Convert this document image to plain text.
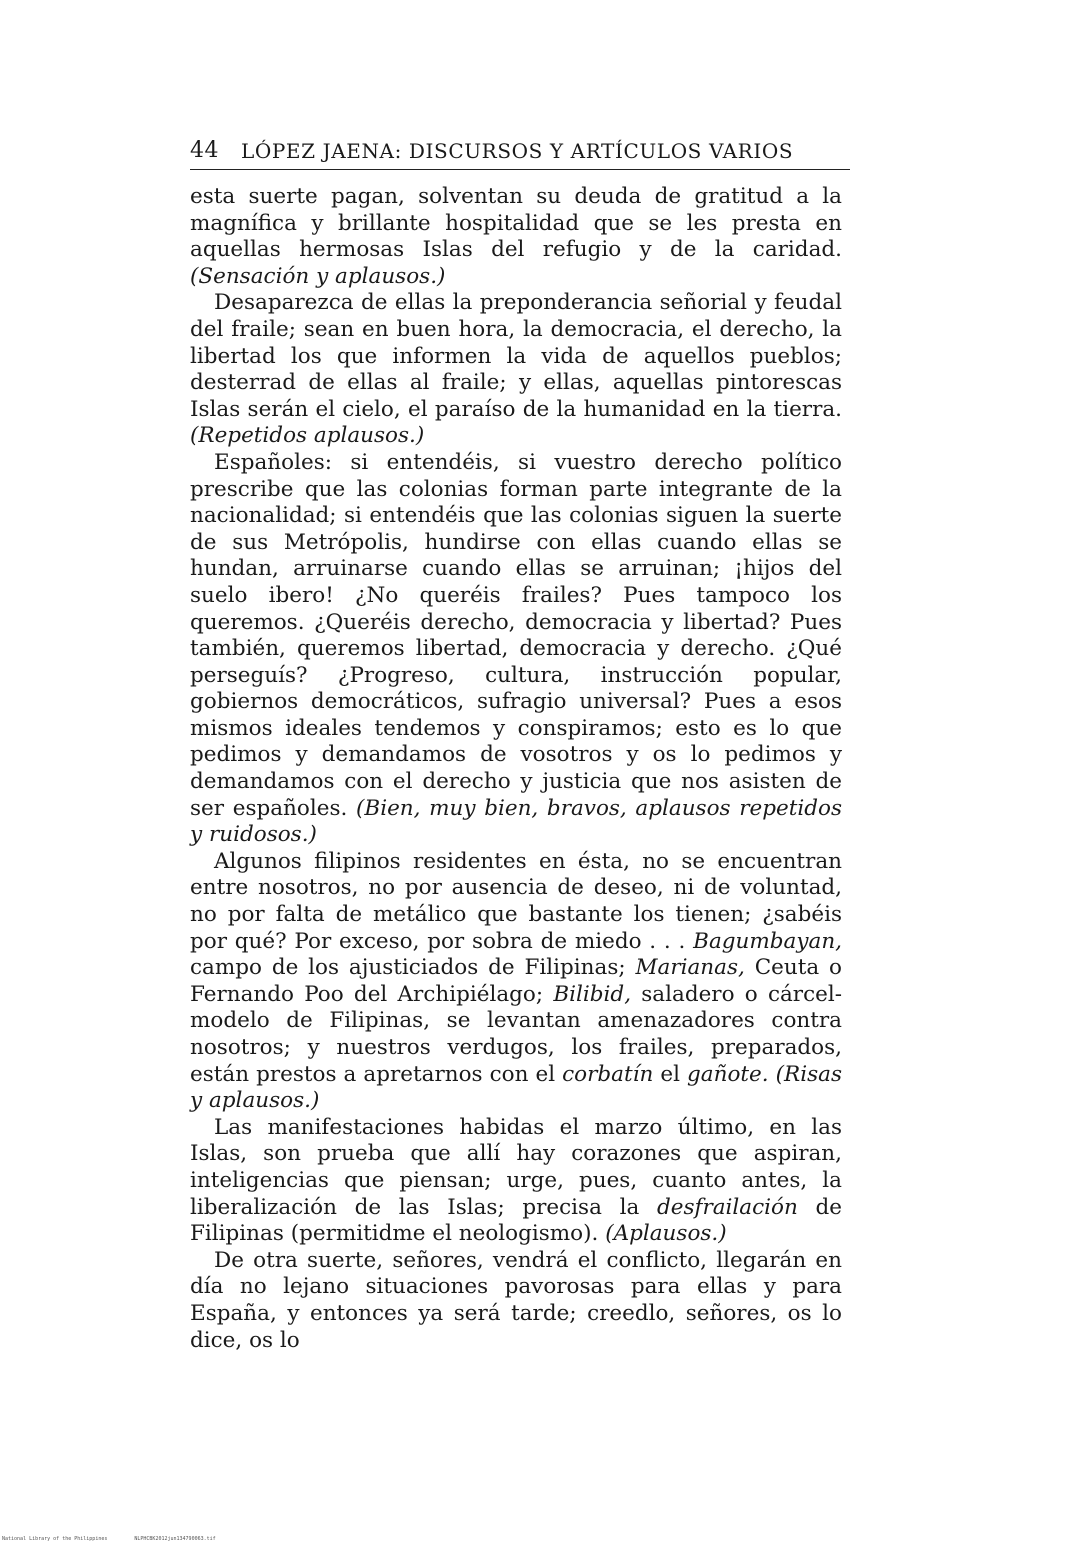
44 LÓPEZ JAENA: DISCURSOS Y ARTÍCULOS VARIOS

esta suerte pagan, solventan su deuda de gratitud a la magnífica y brillante hospitalidad que se les presta en aquellas hermosas Islas del refugio y de la caridad. (Sensación y aplausos.)

Desaparezca de ellas la preponderancia señorial y feudal del fraile; sean en buen hora, la democracia, el derecho, la libertad los que informen la vida de aquellos pueblos; desterrad de ellas al fraile; y ellas, aquellas pintorescas Islas serán el cielo, el paraíso de la humanidad en la tierra. (Repetidos aplausos.)

Españoles: si entendéis, si vuestro derecho político prescribe que las colonias forman parte integrante de la nacionalidad; si entendéis que las colonias siguen la suerte de sus Metrópolis, hundirse con ellas cuando ellas se hundan, arruinarse cuando ellas se arruinan; ¡hijos del suelo ibero! ¿No queréis frailes? Pues tampoco los queremos. ¿Queréis derecho, democracia y libertad? Pues también, queremos libertad, democracia y derecho. ¿Qué perseguís? ¿Progreso, cultura, instrucción popular, gobiernos democráticos, sufragio universal? Pues a esos mismos ideales tendemos y conspiramos; esto es lo que pedimos y demandamos de vosotros y os lo pedimos y demandamos con el derecho y justicia que nos asisten de ser españoles. (Bien, muy bien, bravos, aplausos repetidos y ruidosos.)

Algunos filipinos residentes en ésta, no se encuentran entre nosotros, no por ausencia de deseo, ni de voluntad, no por falta de metálico que bastante los tienen; ¿sabéis por qué? Por exceso, por sobra de miedo . . . Bagumbayan, campo de los ajusticiados de Filipinas; Marianas, Ceuta o Fernando Poo del Archipiélago; Bilibid, saladero o cárcel-modelo de Filipinas, se levantan amenazadores contra nosotros; y nuestros verdugos, los frailes, preparados, están prestos a apretarnos con el corbatín el gañote. (Risas y aplausos.)

Las manifestaciones habidas el marzo último, en las Islas, son prueba que allí hay corazones que aspiran, inteligencias que piensan; urge, pues, cuanto antes, la liberalización de las Islas; precisa la desfrailación de Filipinas (permitidme el neologismo). (Aplausos.)

De otra suerte, señores, vendrá el conflicto, llegarán en día no lejano situaciones pavorosas para ellas y para España, y entonces ya será tarde; creedlo, señores, os lo dice, os lo

National Library of the Philippines	NLPHCBK2012jun134790063.tif
